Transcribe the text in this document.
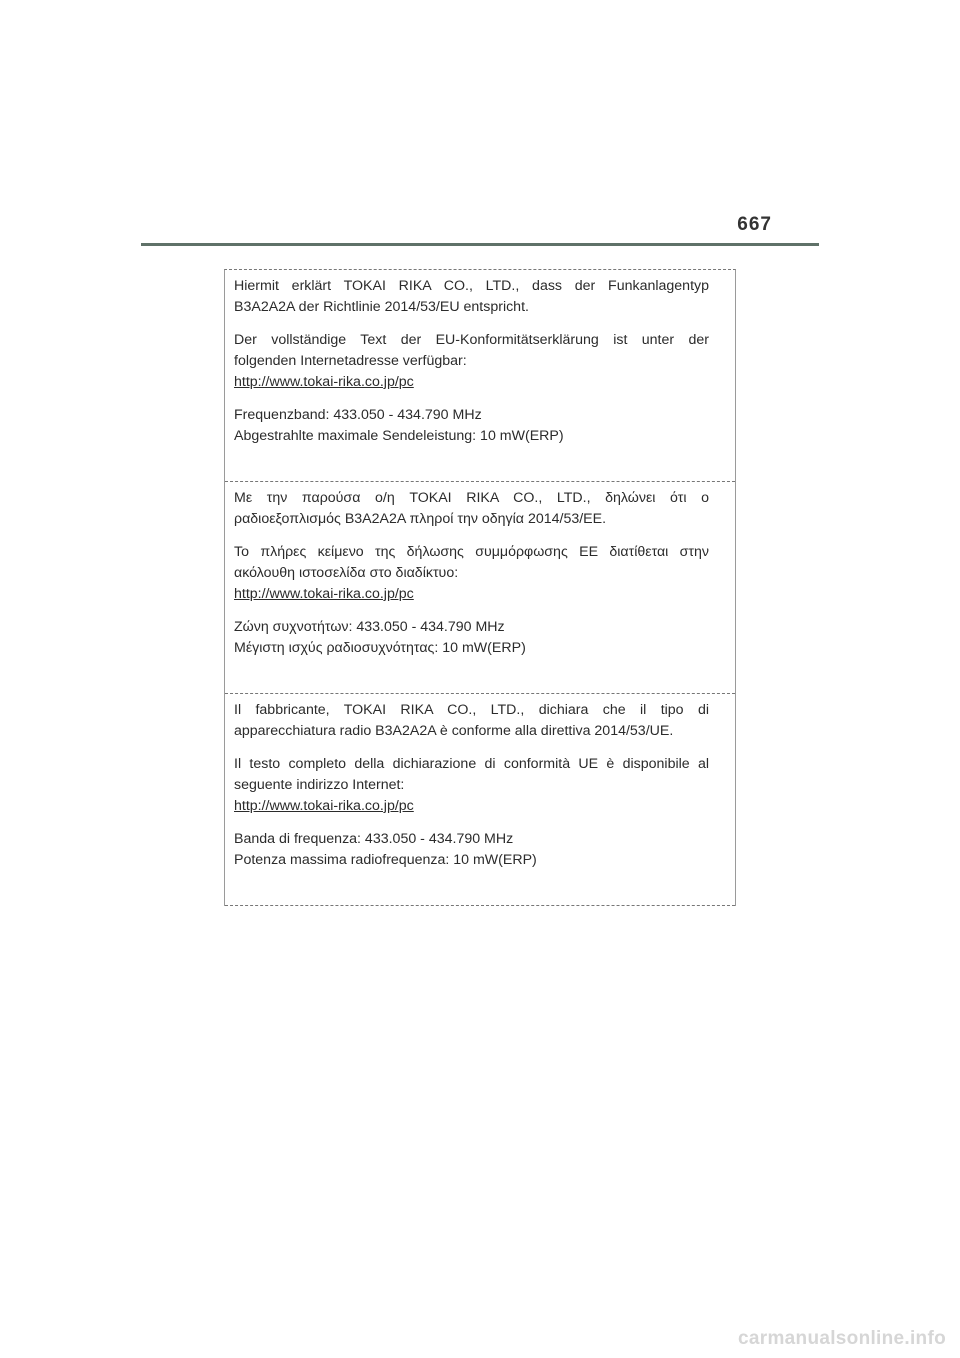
667

Hiermit erklärt TOKAI RIKA CO., LTD., dass der Funkanlagentyp

B3A2A2A der Richtlinie 2014/53/EU entspricht.

Der vollständige Text der EU-Konformitätserklärung ist unter der

folgenden Internetadresse verfügbar:

http://www.tokai-rika.co.jp/pc

Frequenzband: 433.050 - 434.790 MHz

Abgestrahlte maximale Sendeleistung: 10 mW(ERP)

Με την παρούσα ο/η TOKAI RIKA CO., LTD., δηλώνει ότι ο

ραδιοεξοπλισμός B3A2A2A πληροί την οδηγία 2014/53/ΕΕ.

Το πλήρες κείμενο της δήλωσης συμμόρφωσης ΕΕ διατίθεται στην

ακόλουθη ιστοσελίδα στο διαδίκτυο:

http://www.tokai-rika.co.jp/pc

Ζώνη συχνοτήτων: 433.050 - 434.790 MHz

Μέγιστη ισχύς ραδιοσυχνότητας: 10 mW(ERP)

Il fabbricante, TOKAI RIKA CO., LTD., dichiara che il tipo di

apparecchiatura radio B3A2A2A è conforme alla direttiva 2014/53/UE.

Il testo completo della dichiarazione di conformità UE è disponibile al

seguente indirizzo Internet:

http://www.tokai-rika.co.jp/pc

Banda di frequenza: 433.050 - 434.790 MHz

Potenza massima radiofrequenza: 10 mW(ERP)

carmanualsonline.info
